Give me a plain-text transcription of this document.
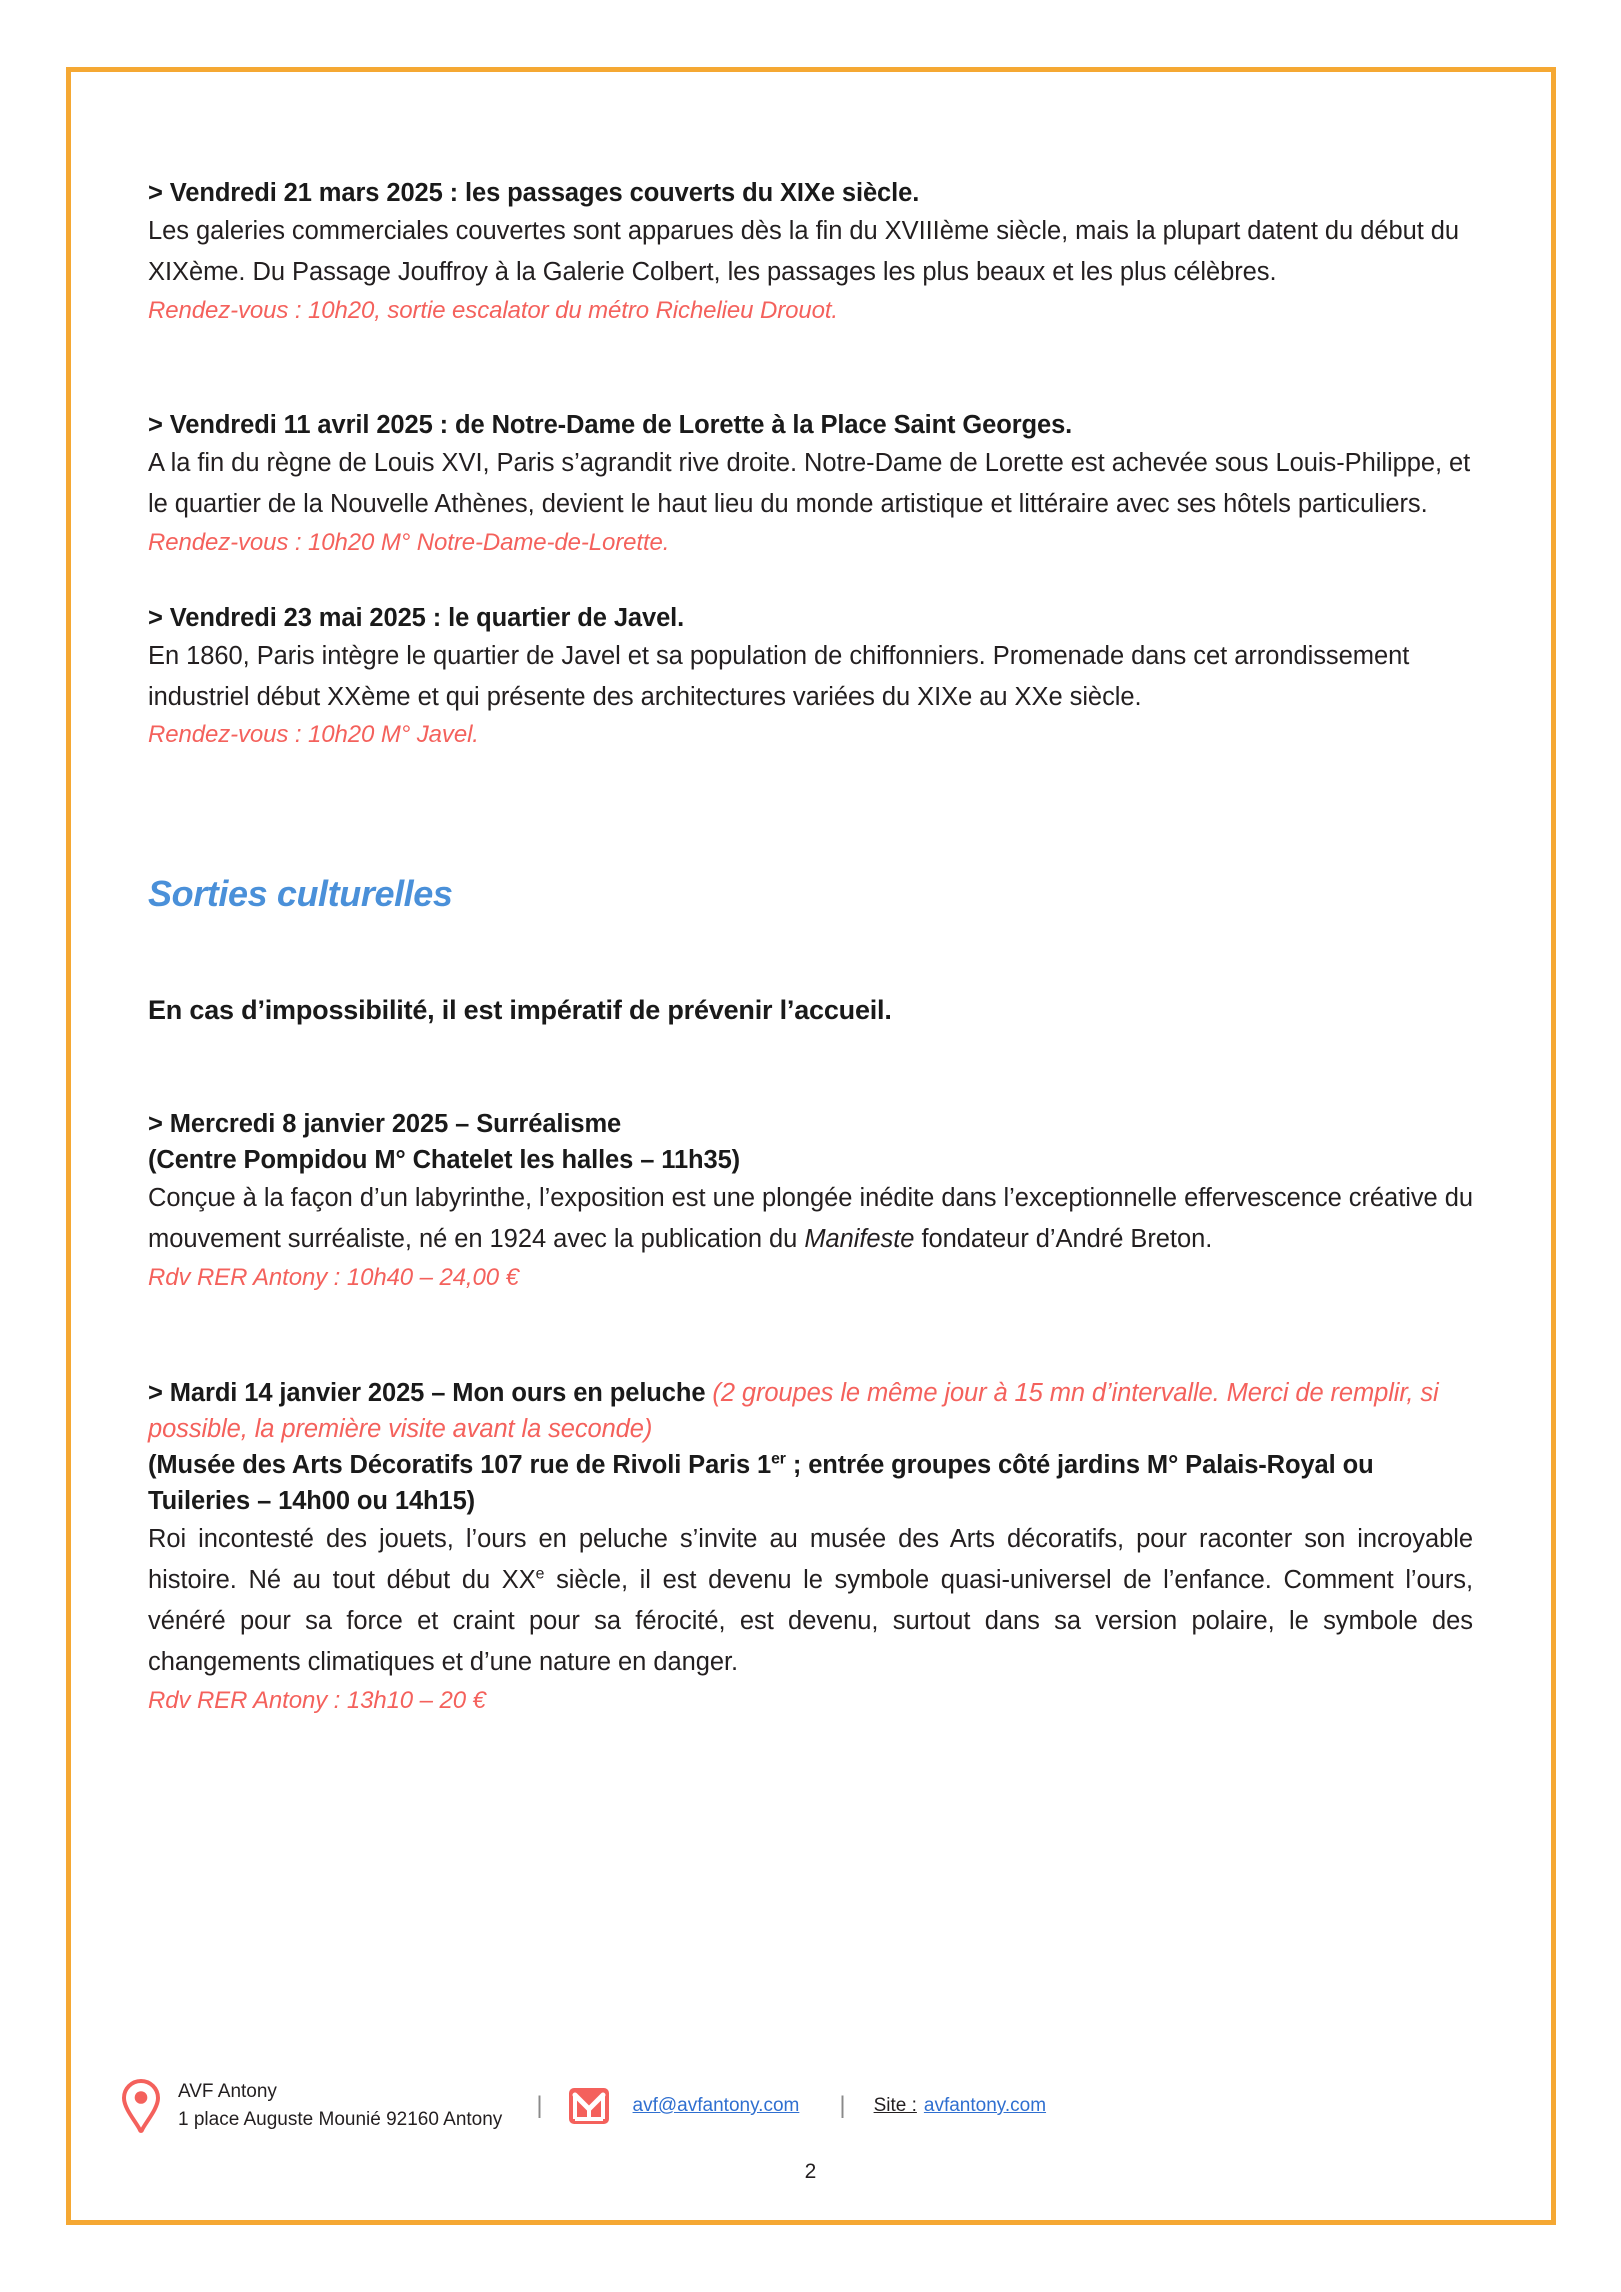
> Vendredi 21 mars 2025 : les passages couverts du XIXe siècle.

Les galeries commerciales couvertes sont apparues dès la fin du XVIIIème siècle, mais la plupart datent du début du XIXème. Du Passage Jouffroy à la Galerie Colbert, les passages les plus beaux et les plus célèbres.

Rendez-vous : 10h20, sortie escalator du métro Richelieu Drouot.

> Vendredi 11 avril 2025 : de Notre-Dame de Lorette à la Place Saint Georges.

A la fin du règne de Louis XVI, Paris s’agrandit rive droite. Notre-Dame de Lorette est achevée sous Louis-Philippe, et le quartier de la Nouvelle Athènes, devient le haut lieu du monde artistique et littéraire avec ses hôtels particuliers.

Rendez-vous : 10h20 M° Notre-Dame-de-Lorette.

> Vendredi 23 mai 2025 : le quartier de Javel.

En 1860, Paris intègre le quartier de Javel et sa population de chiffonniers. Promenade dans cet arrondissement industriel début XXème et qui présente des architectures variées du XIXe au XXe siècle.

Rendez-vous : 10h20 M° Javel.

Sorties culturelles

En cas d’impossibilité, il est impératif de prévenir l’accueil.

> Mercredi 8 janvier 2025 – Surréalisme

(Centre Pompidou M° Chatelet les halles – 11h35)

Conçue à la façon d’un labyrinthe, l’exposition est une plongée inédite dans l’exceptionnelle effervescence créative du mouvement surréaliste, né en 1924 avec la publication du Manifeste fondateur d’André Breton.

Rdv RER Antony : 10h40 – 24,00 €

> Mardi 14 janvier 2025 – Mon ours en peluche (2 groupes le même jour à 15 mn d’intervalle. Merci de remplir, si possible, la première visite avant la seconde)

(Musée des Arts Décoratifs 107 rue de Rivoli Paris 1er ; entrée groupes côté jardins M° Palais-Royal ou Tuileries – 14h00 ou 14h15)

Roi incontesté des jouets, l’ours en peluche s’invite au musée des Arts décoratifs, pour raconter son incroyable histoire. Né au tout début du XXe siècle, il est devenu le symbole quasi-universel de l’enfance. Comment l’ours, vénéré pour sa force et craint pour sa férocité, est devenu, surtout dans sa version polaire, le symbole des changements climatiques et d’une nature en danger.

Rdv RER Antony : 13h10 – 20 €

AVF Antony
1 place Auguste Mounié 92160 Antony
|	avf@avfantony.com | Site : avfantony.com
2
